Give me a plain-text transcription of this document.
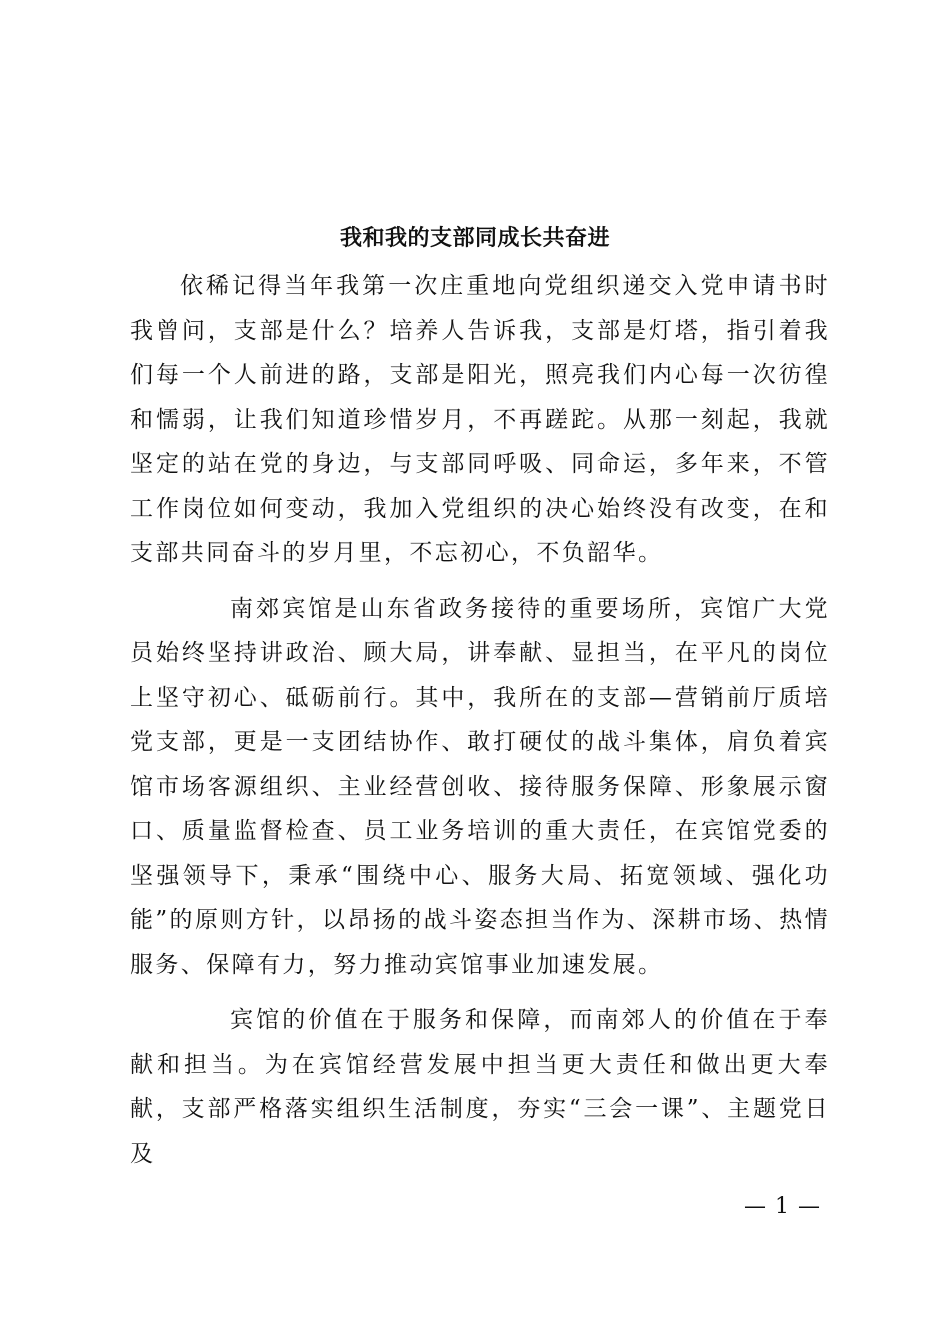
我和我的支部同成长共奋进

依稀记得当年我第一次庄重地向党组织递交入党申请书时我曾问，支部是什么？培养人告诉我，支部是灯塔，指引着我们每一个人前进的路，支部是阳光，照亮我们内心每一次彷徨和懦弱，让我们知道珍惜岁月，不再蹉跎。从那一刻起，我就坚定的站在党的身边，与支部同呼吸、同命运，多年来，不管工作岗位如何变动，我加入党组织的决心始终没有改变，在和支部共同奋斗的岁月里，不忘初心，不负韶华。

南郊宾馆是山东省政务接待的重要场所，宾馆广大党员始终坚持讲政治、顾大局，讲奉献、显担当，在平凡的岗位上坚守初心、砥砺前行。其中，我所在的支部—营销前厅质培党支部，更是一支团结协作、敢打硬仗的战斗集体，肩负着宾馆市场客源组织、主业经营创收、接待服务保障、形象展示窗口、质量监督检查、员工业务培训的重大责任，在宾馆党委的坚强领导下，秉承“围绕中心、服务大局、拓宽领域、强化功能”的原则方针，以昂扬的战斗姿态担当作为、深耕市场、热情服务、保障有力，努力推动宾馆事业加速发展。

宾馆的价值在于服务和保障，而南郊人的价值在于奉献和担当。为在宾馆经营发展中担当更大责任和做出更大奉献，支部严格落实组织生活制度，夯实“三会一课”、主题党日及

— 1 —
